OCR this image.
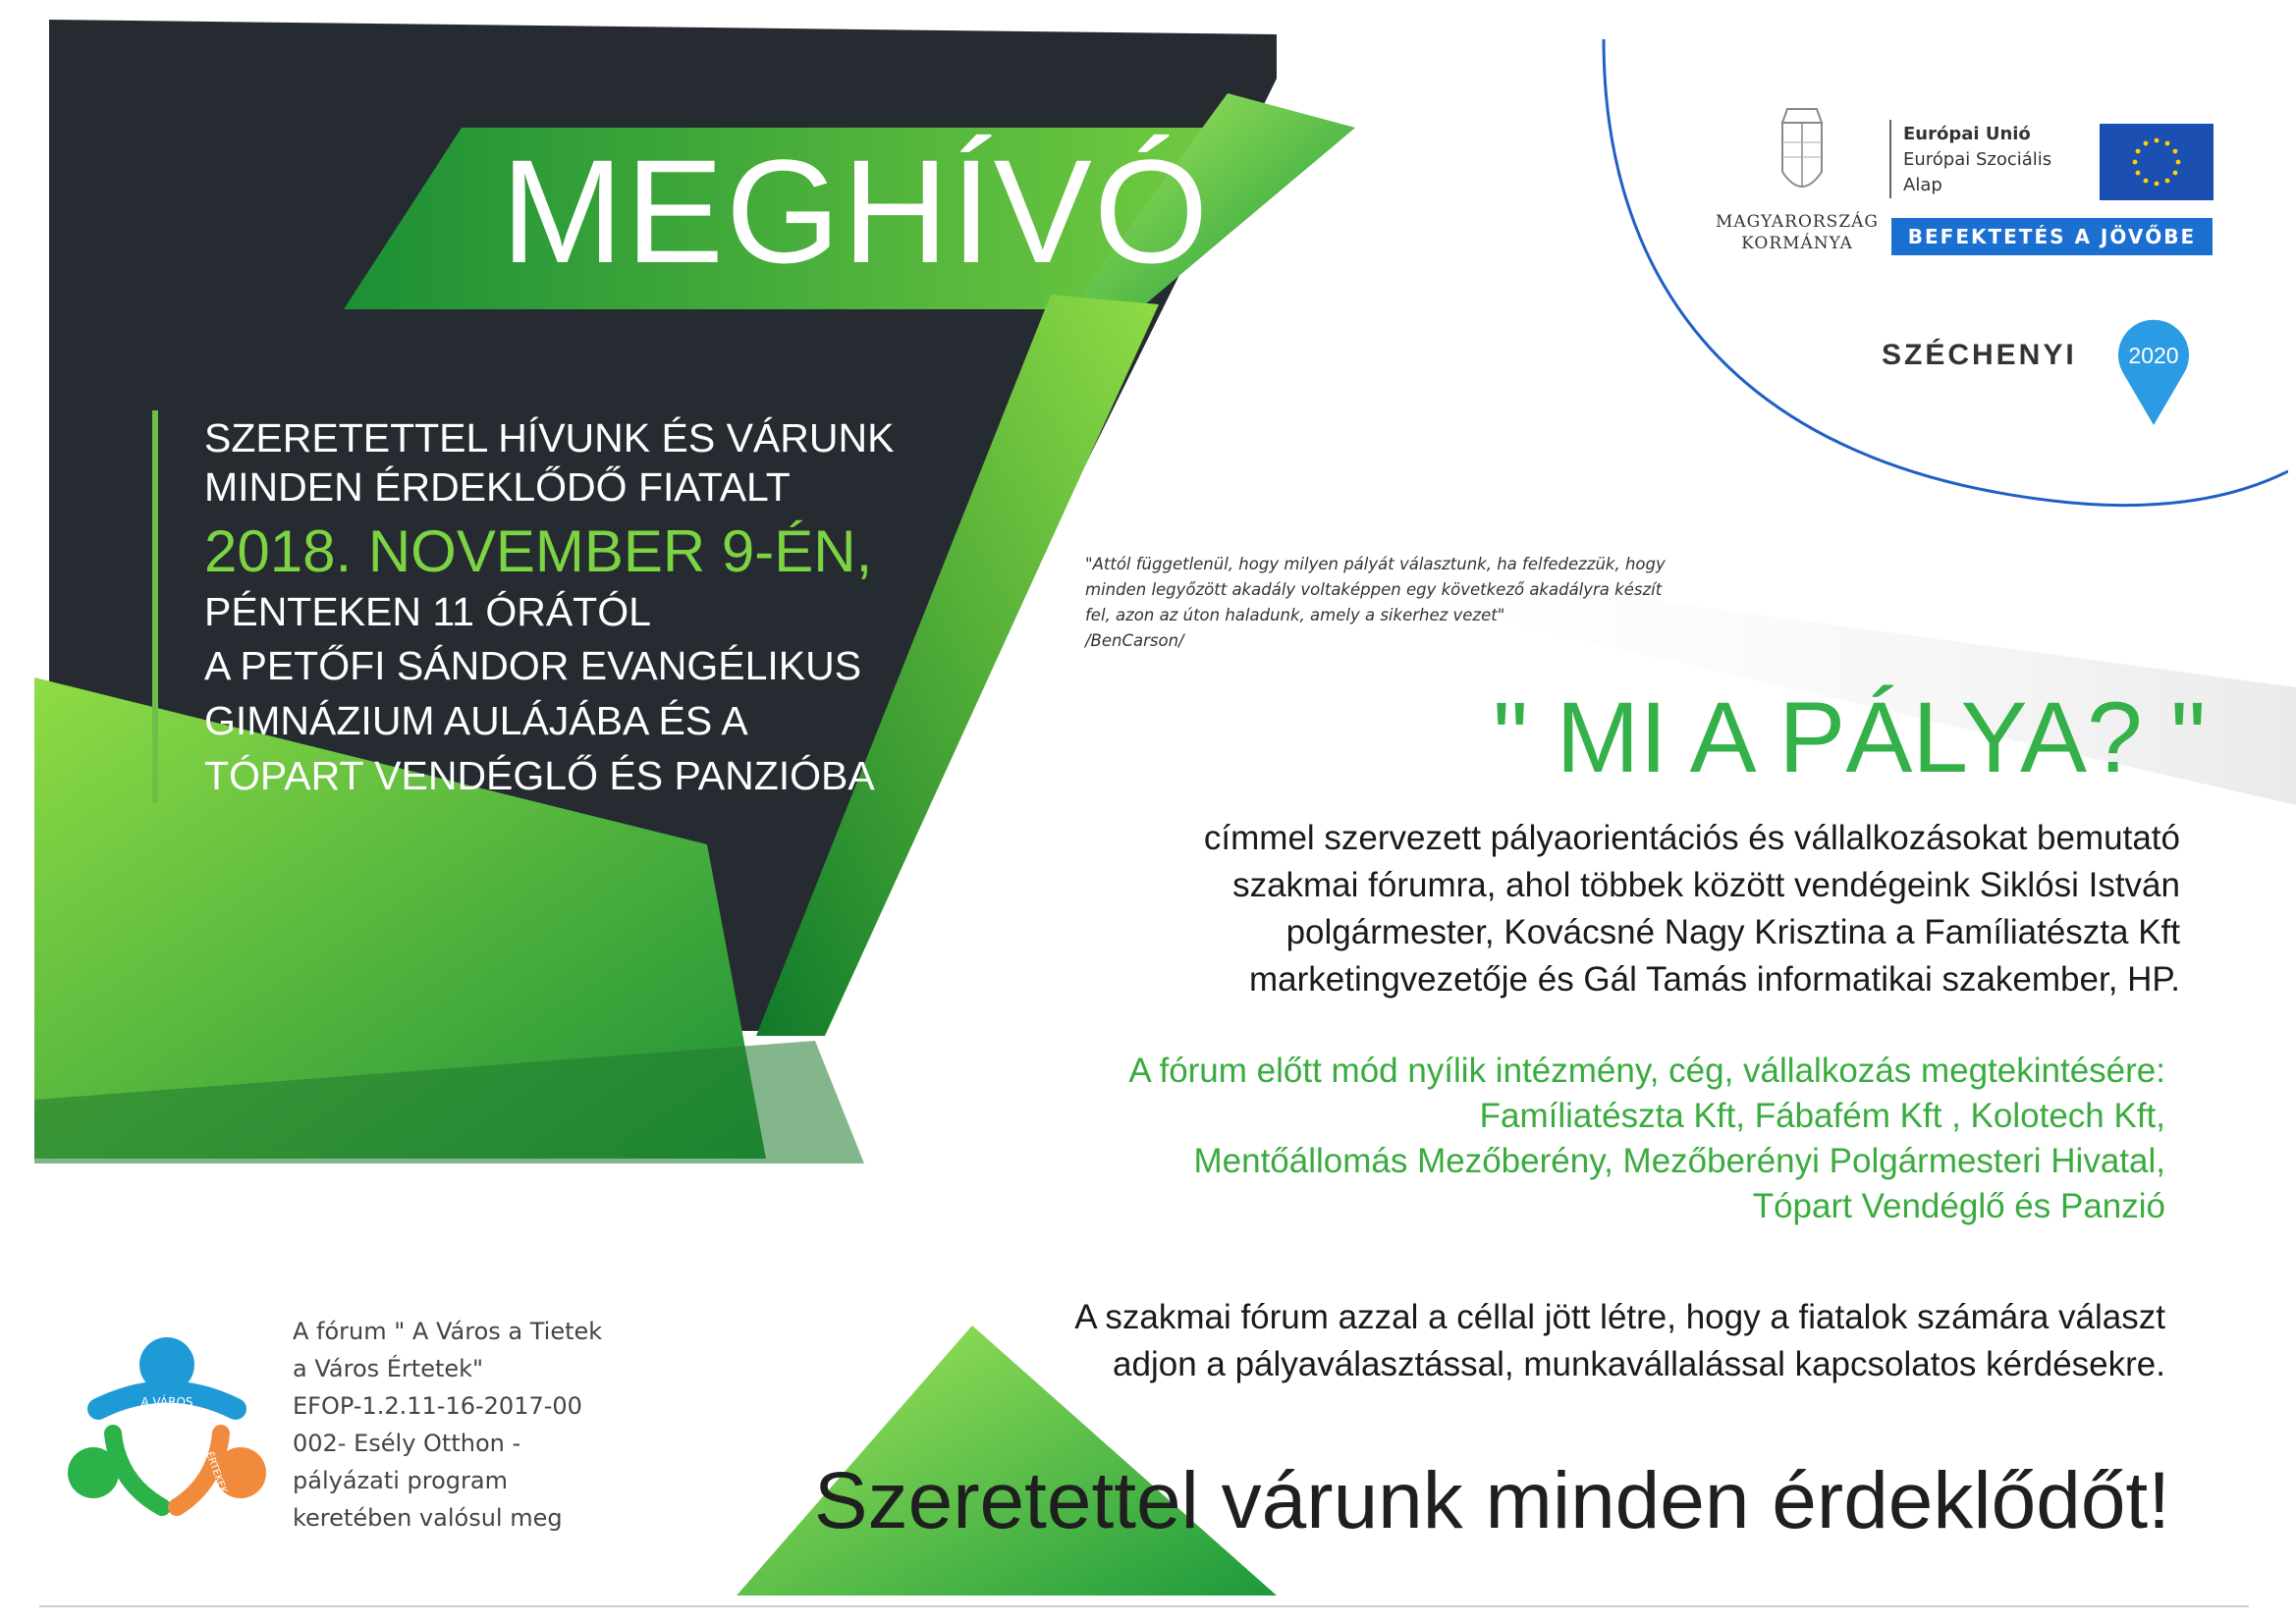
MEGHÍVÓ
SZERETETTEL HÍVUNK ÉS VÁRUNK
MINDEN ÉRDEKLŐDŐ FIATALT
2018. NOVEMBER 9-ÉN,
PÉNTEKEN 11 ÓRÁTÓL
A PETŐFI SÁNDOR EVANGÉLIKUS
GIMNÁZIUM AULÁJÁBA ÉS A
TÓPART VENDÉGLŐ ÉS PANZIÓBA
MAGYARORSZÁG
KORMÁNYA
Európai Unió
Európai Szociális
Alap
BEFEKTETÉS A JÖVŐBE
SZÉCHENYI 2020
"Attól függetlenül, hogy milyen pályát választunk, ha felfedezzük, hogy
minden legyőzött akadály voltaképpen egy következő akadályra készít
fel, azon az úton haladunk, amely a sikerhez vezet"
/BenCarson/
" MI A PÁLYA? "
címmel szervezett pályaorientációs és vállalkozásokat bemutató
szakmai fórumra, ahol többek között vendégeink Siklósi István
polgármester, Kovácsné Nagy Krisztina a Famíliatészta Kft
marketingvezetője és Gál Tamás informatikai szakember, HP.
A fórum előtt mód nyílik intézmény, cég, vállalkozás megtekintésére:
Famíliatészta Kft, Fábafém Kft , Kolotech Kft,
Mentőállomás Mezőberény, Mezőberényi Polgármesteri Hivatal,
Tópart Vendéglő és Panzió
A szakmai fórum azzal a céllal jött létre, hogy a fiatalok számára választ
adjon a pályaválasztással, munkavállalással kapcsolatos kérdésekre.
Szeretettel várunk minden érdeklődőt!
A VÁROS
ÉRTEKEK
A fórum " A Város a Tietek
a Város Értetek"
EFOP-1.2.11-16-2017-00
002- Esély Otthon -
pályázati program
keretében valósul meg
